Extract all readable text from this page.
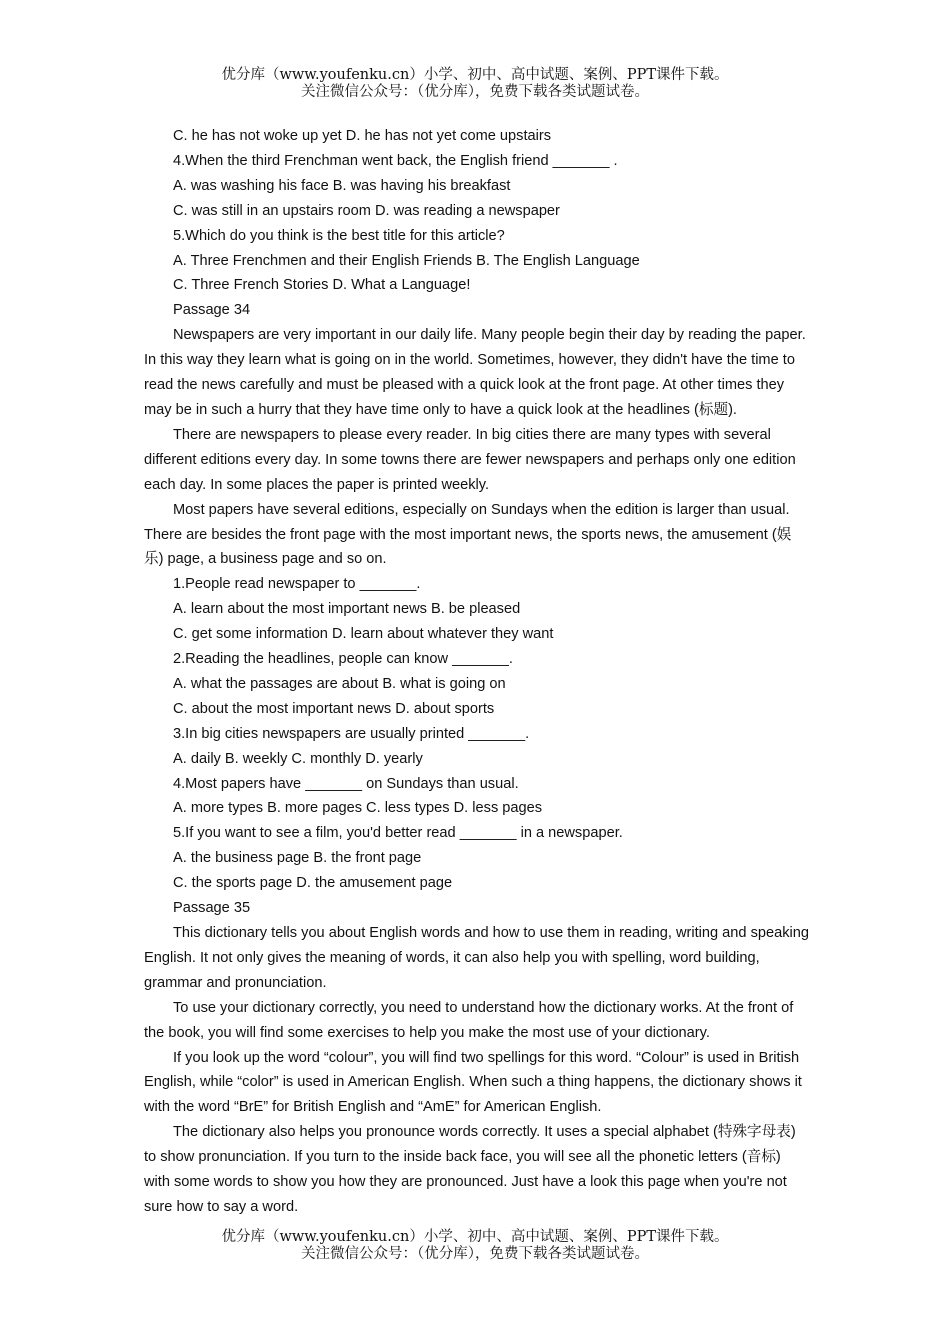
优分库（www.youfenku.cn）小学、初中、高中试题、案例、PPT课件下载。
关注微信公众号：（优分库），免费下载各类试题试卷。

C. he has not woke up yet D. he has not yet come upstairs

4.When the third Frenchman went back, the English friend _______ .

A. was washing his face B. was having his breakfast

C. was still in an upstairs room D. was reading a newspaper

5.Which do you think is the best title for this article?

A. Three Frenchmen and their English Friends B. The English Language

C. Three French Stories D. What a Language!

Passage 34

Newspapers are very important in our daily life. Many people begin their day by reading the paper. In this way they learn what is going on in the world. Sometimes, however, they didn't have the time to read the news carefully and must be pleased with a quick look at the front page. At other times they may be in such a hurry that they have time only to have a quick look at the headlines (标题).

There are newspapers to please every reader. In big cities there are many types with several different editions every day. In some towns there are fewer newspapers and perhaps only one edition each day. In some places the paper is printed weekly.

Most papers have several editions, especially on Sundays when the edition is larger than usual. There are besides the front page with the most important news, the sports news, the amusement (娱乐) page, a business page and so on.

1.People read newspaper to _______.

A. learn about the most important news B. be pleased

C. get some information D. learn about whatever they want

2.Reading the headlines, people can know _______.

A. what the passages are about B. what is going on

C. about the most important news D. about sports

3.In big cities newspapers are usually printed _______.

A. daily B. weekly C. monthly D. yearly

4.Most papers have _______ on Sundays than usual.

A. more types B. more pages C. less types D. less pages

5.If you want to see a film, you'd better read _______ in a newspaper.

A. the business page B. the front page

C. the sports page D. the amusement page

Passage 35

This dictionary tells you about English words and how to use them in reading, writing and speaking English. It not only gives the meaning of words, it can also help you with spelling, word building, grammar and pronunciation.

To use your dictionary correctly, you need to understand how the dictionary works. At the front of the book, you will find some exercises to help you make the most use of your dictionary.

If you look up the word “colour”, you will find two spellings for this word. “Colour” is used in British English, while “color” is used in American English. When such a thing happens, the dictionary shows it with the word “BrE” for British English and “AmE” for American English.

The dictionary also helps you pronounce words correctly. It uses a special alphabet (特殊字母表) to show pronunciation. If you turn to the inside back face, you will see all the phonetic letters (音标) with some words to show you how they are pronounced. Just have a look this page when you're not sure how to say a word.

优分库（www.youfenku.cn）小学、初中、高中试题、案例、PPT课件下载。
关注微信公众号：（优分库），免费下载各类试题试卷。
